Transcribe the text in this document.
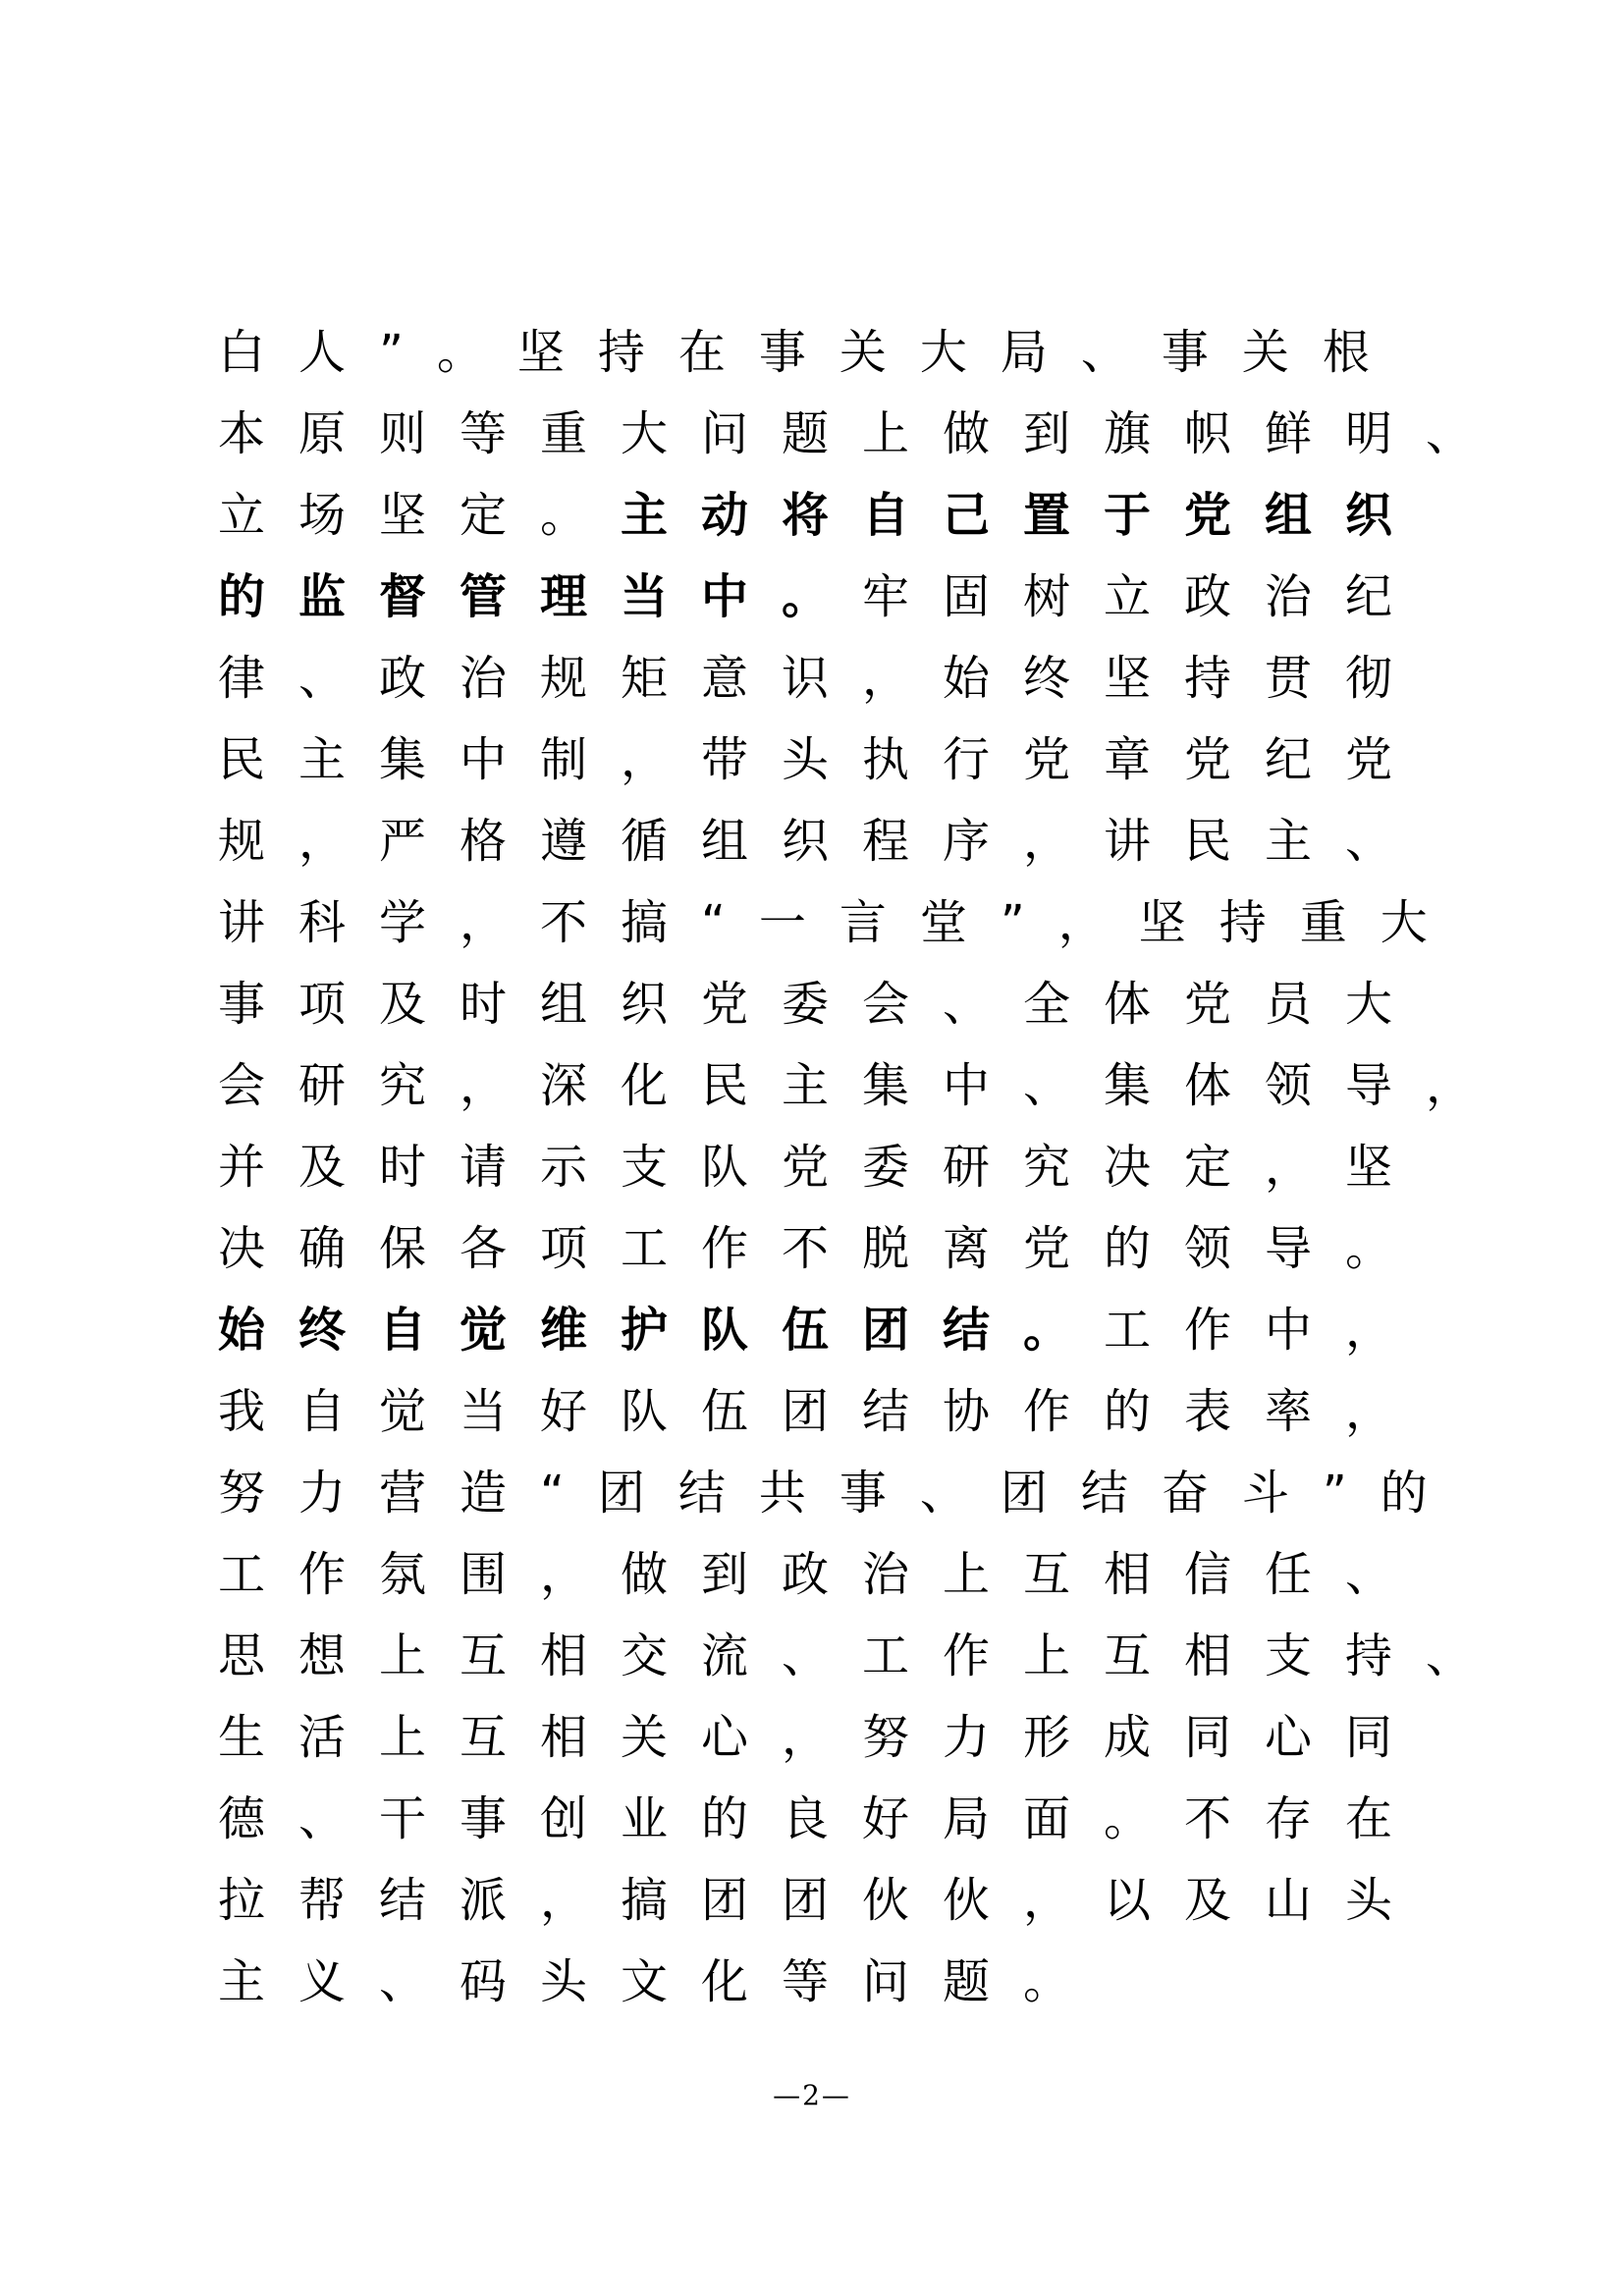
白人”。坚持在事关大局、事关根
本原则等重大问题上做到旗帜鲜明、
立场坚定。主动将自己置于党组织
的监督管理当中。牢固树立政治纪
律、政治规矩意识，始终坚持贯彻
民主集中制，带头执行党章党纪党
规，严格遵循组织程序，讲民主、
讲科学，不搞“一言堂”，坚持重大
事项及时组织党委会、全体党员大
会研究，深化民主集中、集体领导，
并及时请示支队党委研究决定，坚
决确保各项工作不脱离党的领导。
始终自觉维护队伍团结。工作中，
我自觉当好队伍团结协作的表率，
努力营造“团结共事、团结奋斗”的
工作氛围，做到政治上互相信任、
思想上互相交流、工作上互相支持、
生活上互相关心，努力形成同心同
德、干事创业的良好局面。不存在
拉帮结派，搞团团伙伙，以及山头
主义、码头文化等问题。
—2—
